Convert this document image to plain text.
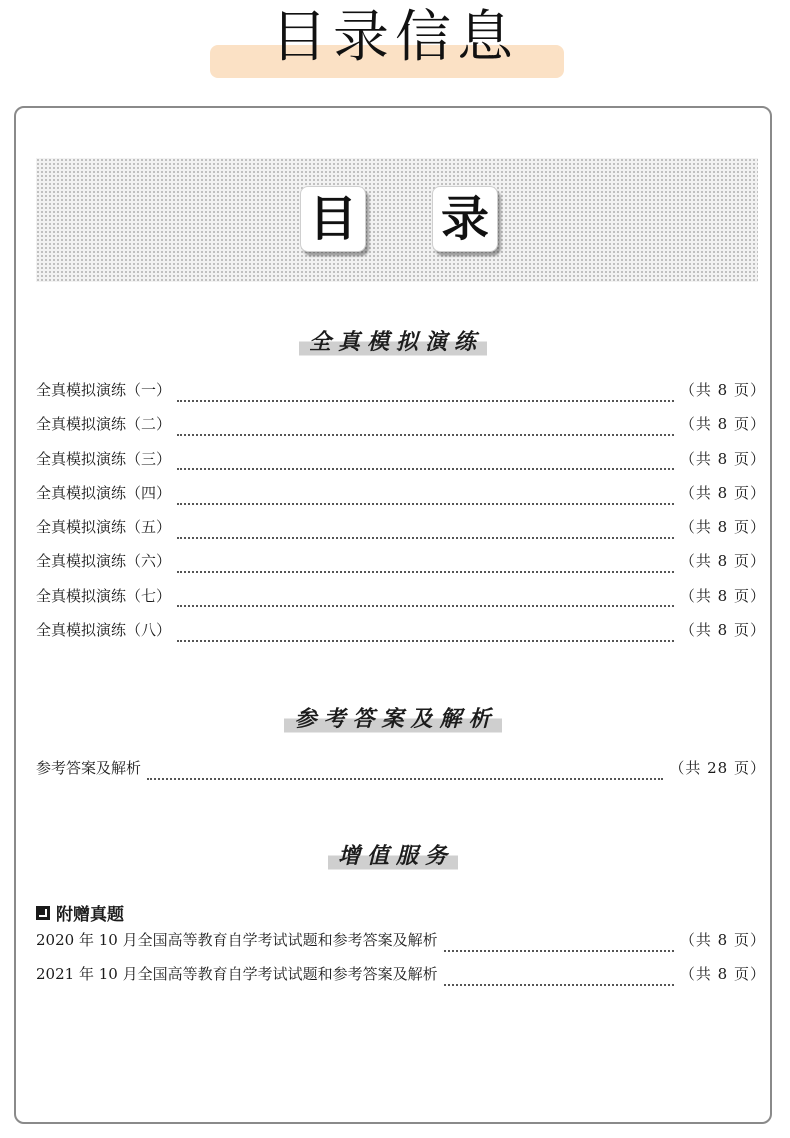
目录信息
目 录
全真模拟演练
全真模拟演练（一）	（共 8 页）
全真模拟演练（二）	（共 8 页）
全真模拟演练（三）	（共 8 页）
全真模拟演练（四）	（共 8 页）
全真模拟演练（五）	（共 8 页）
全真模拟演练（六）	（共 8 页）
全真模拟演练（七）	（共 8 页）
全真模拟演练（八）	（共 8 页）
参考答案及解析
参考答案及解析	（共 28 页）
增值服务
附赠真题
2020 年 10 月全国高等教育自学考试试题和参考答案及解析	（共 8 页）
2021 年 10 月全国高等教育自学考试试题和参考答案及解析	（共 8 页）
